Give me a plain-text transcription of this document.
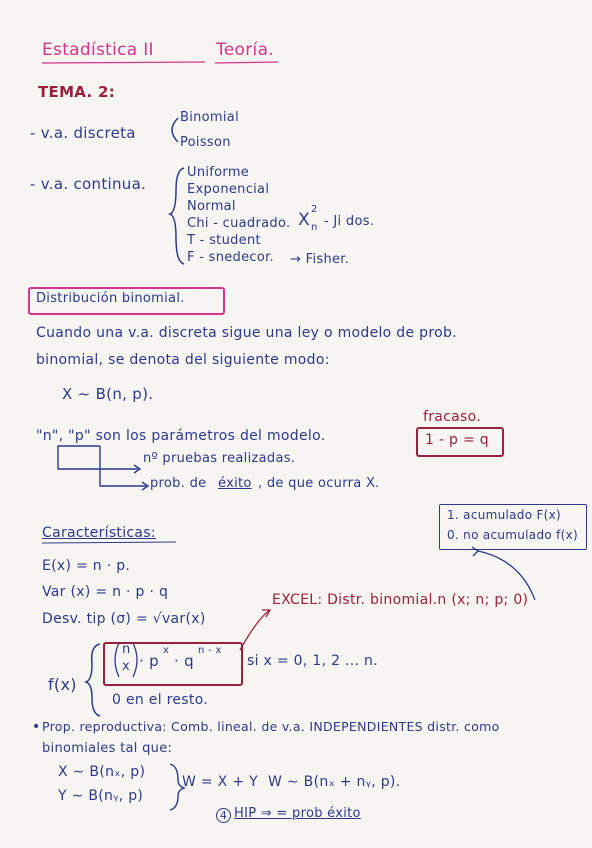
Estadística II	Teoría.
TEMA. 2:
- v.a. discreta
Binomial
Poisson
- v.a. continua.
Uniforme
Exponencial
Normal
Chi - cuadrado. X
2
n - Ji dos.
T - student
F - snedecor. → Fisher.
Distribución binomial.
Cuando una v.a. discreta sigue una ley o modelo de prob.
binomial, se denota del siguiente modo:
X ∼ B(n, p).
"n", "p" son los parámetros del modelo.
nº pruebas realizadas.
prob. de éxito , de que ocurra X.
fracaso.
1 - p = q
Características:
E(x) = n · p.
Var (x) = n · p · q
Desv. tip (σ) = √var(x)
1. acumulado F(x)
0. no acumulado f(x)
EXCEL: Distr. binomial.n (x; n; p; 0)
f(x)
n
x · p
x
· q
n - x
si x = 0, 1, 2 ... n.
0 en el resto.
• Prop. reproductiva: Comb. lineal. de v.a. INDEPENDIENTES distr. como
binomiales tal que:
X ∼ B(nₓ, p)
Y ∼ B(nᵧ, p)
W = X + Y W ∼ B(nₓ + nᵧ, p).
4 HIP ⇒ = prob éxito
